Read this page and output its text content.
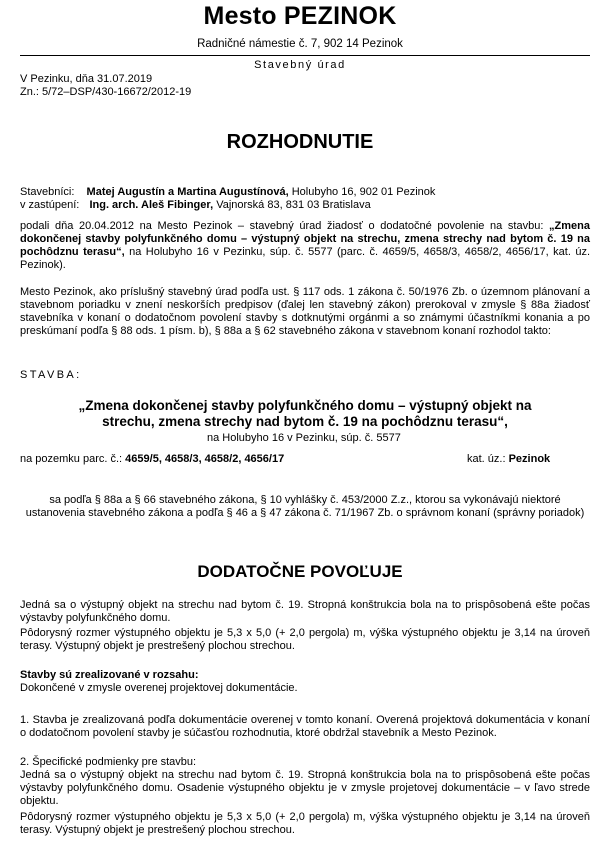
Mesto PEZINOK
Radničné námestie č. 7, 902 14 Pezinok
Stavebný úrad
V Pezinku, dňa 31.07.2019
Zn.: 5/72–DSP/430-16672/2012-19
ROZHODNUTIE
Stavebníci: Matej Augustín a Martina Augustínová, Holubyho 16, 902 01 Pezinok
v zastúpení: Ing. arch. Aleš Fibinger, Vajnorská 83, 831 03 Bratislava
podali dňa 20.04.2012 na Mesto Pezinok – stavebný úrad žiadosť o dodatočné povolenie na stavbu: „Zmena dokončenej stavby polyfunkčného domu – výstupný objekt na strechu, zmena strechy nad bytom č. 19 na pochôdznu terasu“, na Holubyho 16 v Pezinku, súp. č. 5577 (parc. č. 4659/5, 4658/3, 4658/2, 4656/17, kat. úz. Pezinok).
Mesto Pezinok, ako príslušný stavebný úrad podľa ust. § 117 ods. 1 zákona č. 50/1976 Zb. o územnom plánovaní a stavebnom poriadku v znení neskorších predpisov (ďalej len stavebný zákon) prerokoval v zmysle § 88a žiadosť stavebníka v konaní o dodatočnom povolení stavby s dotknutými orgánmi a so známymi účastníkmi konania a po preskúmaní podľa § 88 ods. 1 písm. b), § 88a a § 62 stavebného zákona v stavebnom konaní rozhodol takto:
STAVBA:
„Zmena dokončenej stavby polyfunkčného domu – výstupný objekt na
strechu, zmena strechy nad bytom č. 19 na pochôdznu terasu“,
na Holubyho 16 v Pezinku, súp. č. 5577
na pozemku parc. č.: 4659/5, 4658/3, 4658/2, 4656/17	kat. úz.: Pezinok
sa podľa § 88a a § 66 stavebného zákona, § 10 vyhlášky č. 453/2000 Z.z., ktorou sa vykonávajú niektoré ustanovenia stavebného zákona a podľa § 46 a § 47 zákona č. 71/1967 Zb. o správnom konaní (správny poriadok)
DODATOČNE POVOĽUJE
Jedná sa o výstupný objekt na strechu nad bytom č. 19. Stropná konštrukcia bola na to prispôsobená ešte počas výstavby polyfunkčného domu.
Pôdorysný rozmer výstupného objektu je 5,3 x 5,0 (+ 2,0 pergola) m, výška výstupného objektu je 3,14 na úroveň terasy. Výstupný objekt je prestrešený plochou strechou.
Stavby sú zrealizované v rozsahu:
Dokončené v zmysle overenej projektovej dokumentácie.
1. Stavba je zrealizovaná podľa dokumentácie overenej v tomto konaní. Overená projektová dokumentácia v konaní o dodatočnom povolení stavby je súčasťou rozhodnutia, ktoré obdržal stavebník a Mesto Pezinok.
2. Špecifické podmienky pre stavbu:
Jedná sa o výstupný objekt na strechu nad bytom č. 19. Stropná konštrukcia bola na to prispôsobená ešte počas výstavby polyfunkčného domu. Osadenie výstupného objektu je v zmysle projetovej dokumentácie – v ľavo strede objektu.
Pôdorysný rozmer výstupného objektu je 5,3 x 5,0 (+ 2,0 pergola) m, výška výstupného objektu je 3,14 na úroveň terasy. Výstupný objekt je prestrešený plochou strechou.
